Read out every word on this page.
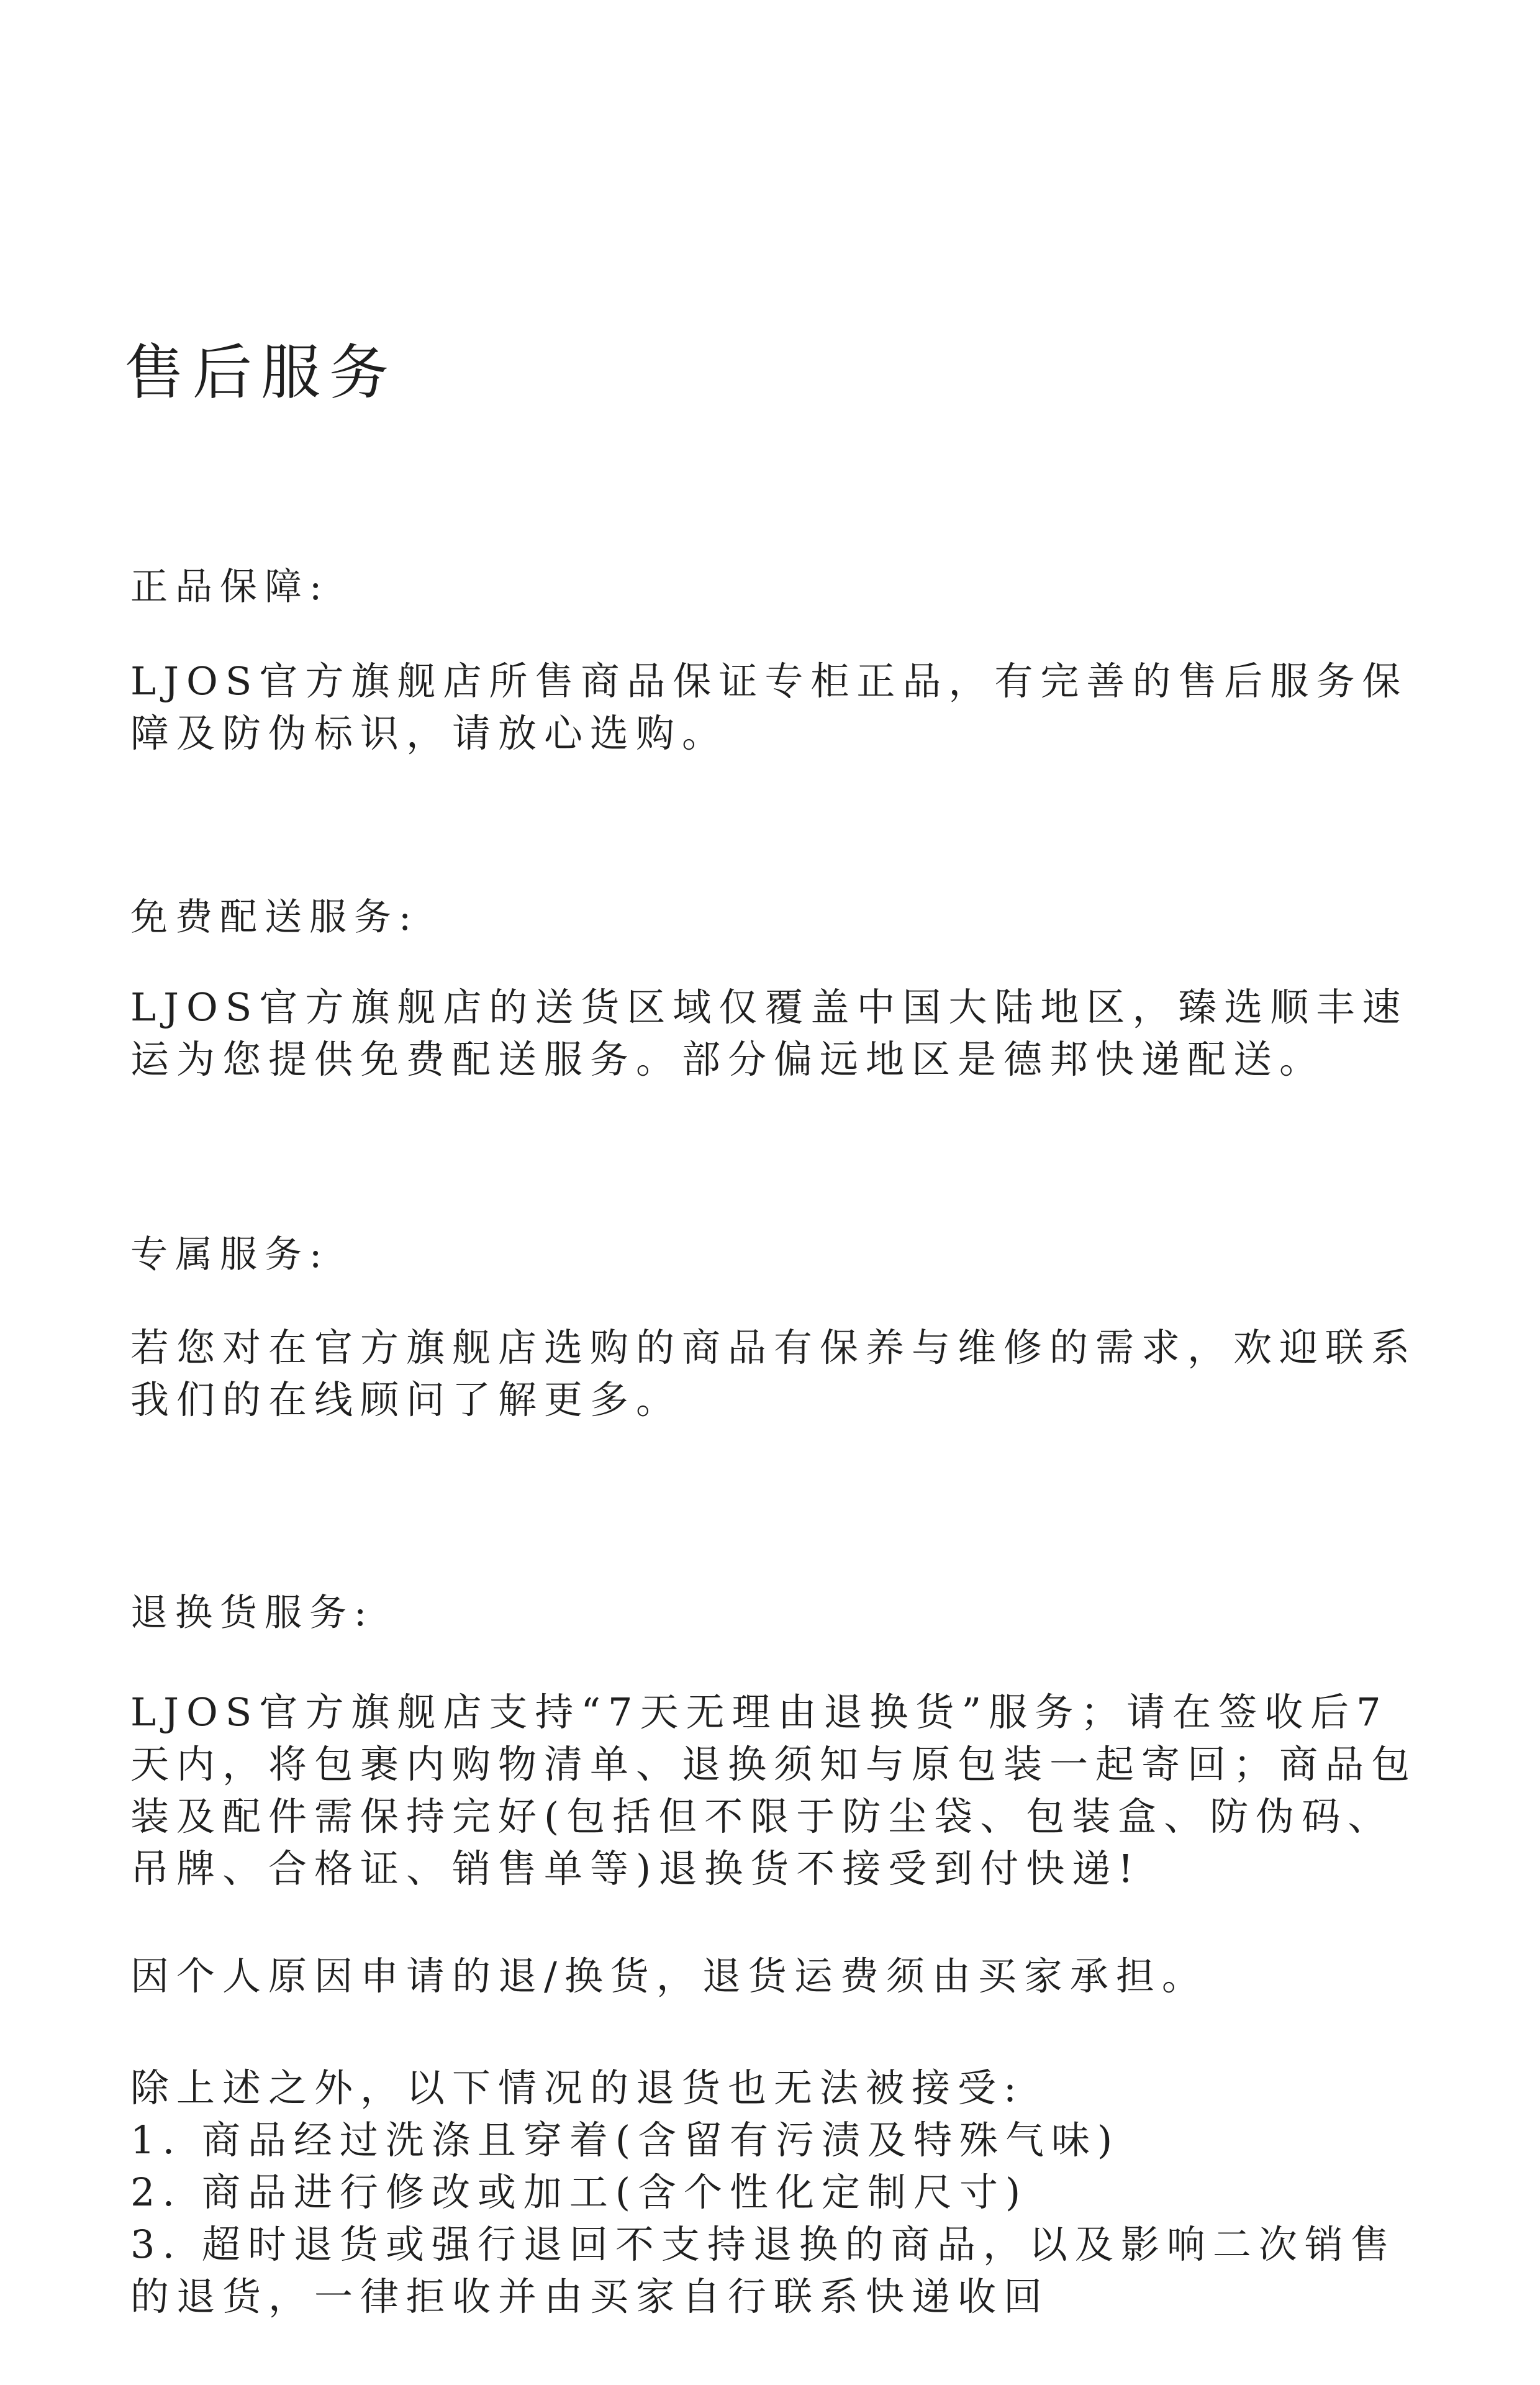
售后服务
正品保障:

LJOS官方旗舰店所售商品保证专柜正品，有完善的售后服务保障及防伪标识，请放心选购。

免费配送服务:

LJOS官方旗舰店的送货区域仅覆盖中国大陆地区，臻选顺丰速运为您提供免费配送服务。部分偏远地区是德邦快递配送。

专属服务:

若您对在官方旗舰店选购的商品有保养与维修的需求，欢迎联系我们的在线顾问了解更多。

退换货服务:

LJOS官方旗舰店支持“7天无理由退换货”服务；请在签收后7天内，将包裹内购物清单、退换须知与原包装一起寄回；商品包装及配件需保持完好(包括但不限于防尘袋、包装盒、防伪码、吊牌、合格证、销售单等)退换货不接受到付快递!

因个人原因申请的退/换货，退货运费须由买家承担。

除上述之外，以下情况的退货也无法被接受:

1. 商品经过洗涤且穿着(含留有污渍及特殊气味)
2. 商品进行修改或加工(含个性化定制尺寸)
3. 超时退货或强行退回不支持退换的商品，以及影响二次销售的退货，一律拒收并由买家自行联系快递收回
